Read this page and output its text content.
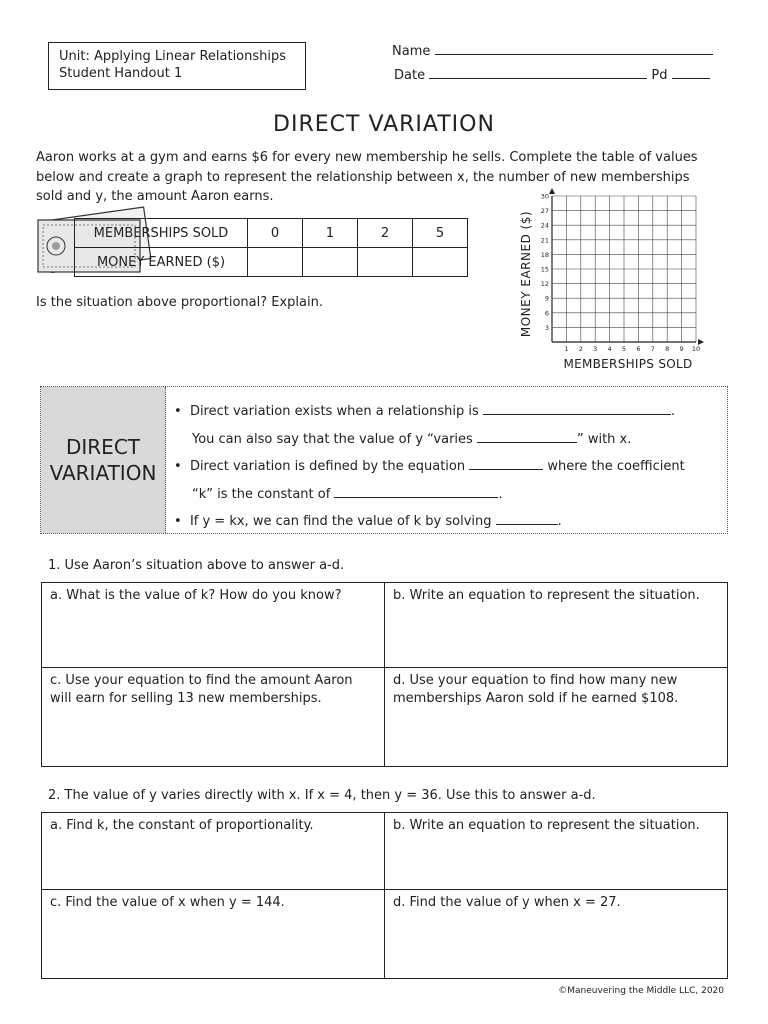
Unit: Applying Linear Relationships
Student Handout 1
Name
Date	Pd
DIRECT VARIATION
Aaron works at a gym and earns $6 for every new membership he sells. Complete the table of values below and create a graph to represent the relationship between x, the number of new memberships sold and y, the amount Aaron earns.
MEMBERSHIPS SOLD	0	1	2	5
MONEY EARNED ($)				
Is the situation above proportional? Explain.
3
6
9
12
15
18
21
24
27
30
1 2 3 4 5 6 7 8 9 10
MONEY EARNED ($)
MEMBERSHIPS SOLD
DIRECT
VARIATION
•  Direct variation exists when a relationship is	.
You can also say that the value of y “varies	” with x.
•  Direct variation is defined by the equation	where the coefficient
“k” is the constant of	.
•  If y = kx, we can find the value of k by solving	.
1. Use Aaron’s situation above to answer a-d.
a. What is the value of k? How do you know?	b. Write an equation to represent the situation.
c. Use your equation to find the amount Aaron will earn for selling 13 new memberships.	d. Use your equation to find how many new memberships Aaron sold if he earned $108.
2. The value of y varies directly with x. If x = 4, then y = 36. Use this to answer a-d.
a. Find k, the constant of proportionality.	b. Write an equation to represent the situation.
c. Find the value of x when y = 144.	d. Find the value of y when x = 27.
©Maneuvering the Middle LLC, 2020
